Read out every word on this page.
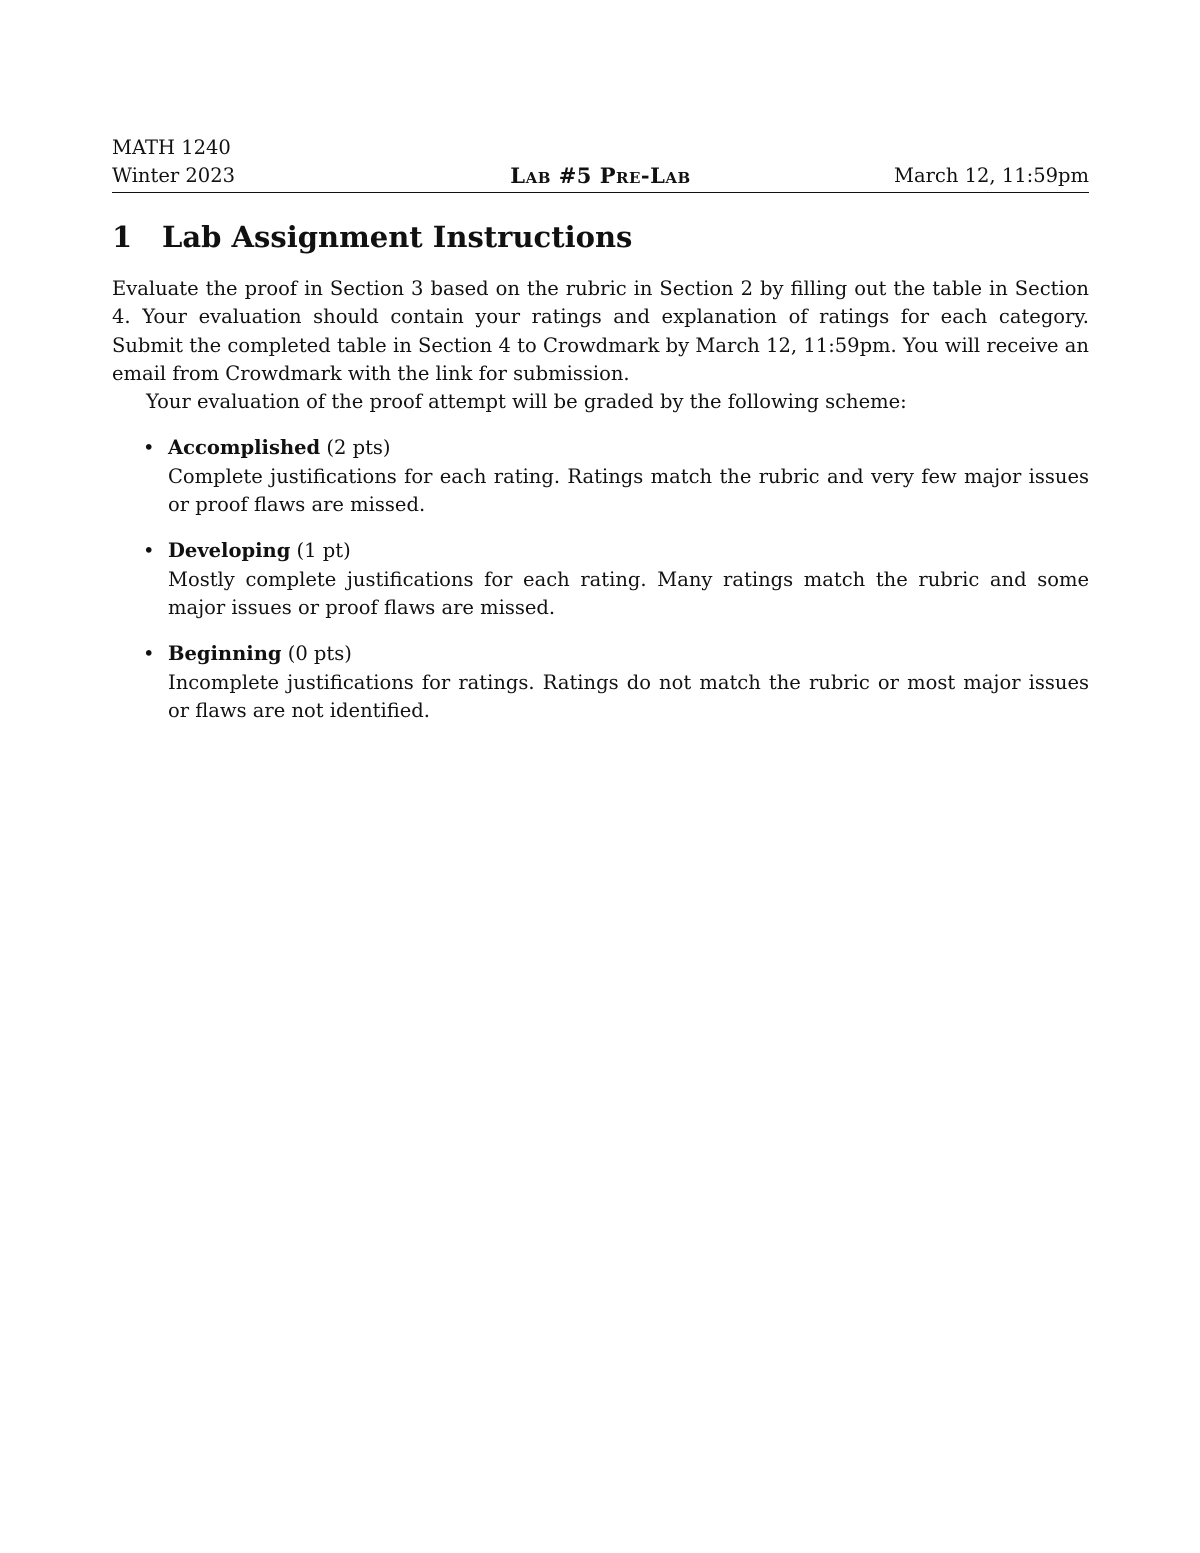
MATH 1240
Winter 2023	Lab #5 Pre-Lab	March 12, 11:59pm
1	Lab Assignment Instructions

Evaluate the proof in Section 3 based on the rubric in Section 2 by filling out the table in Section 4. Your evaluation should contain your ratings and explanation of ratings for each category. Submit the completed table in Section 4 to Crowdmark by March 12, 11:59pm. You will receive an email from Crowdmark with the link for submission.

Your evaluation of the proof attempt will be graded by the following scheme:

• Accomplished (2 pts)
Complete justifications for each rating. Ratings match the rubric and very few major issues or proof flaws are missed.
• Developing (1 pt)
Mostly complete justifications for each rating. Many ratings match the rubric and some major issues or proof flaws are missed.
• Beginning (0 pts)
Incomplete justifications for ratings. Ratings do not match the rubric or most major issues or flaws are not identified.
